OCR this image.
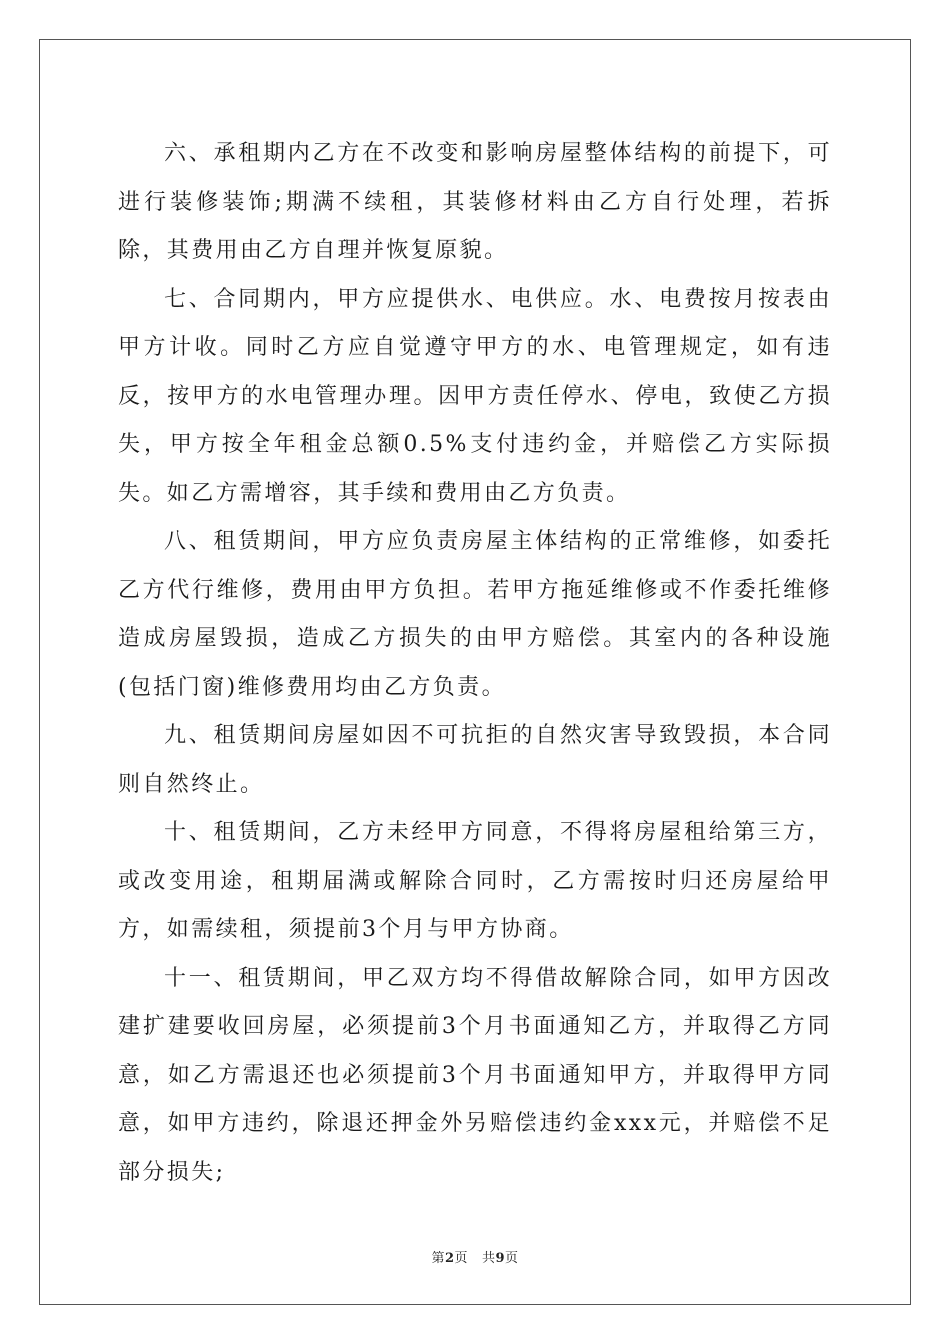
六、承租期内乙方在不改变和影响房屋整体结构的前提下，可进行装修装饰;期满不续租，其装修材料由乙方自行处理，若拆除，其费用由乙方自理并恢复原貌。

七、合同期内，甲方应提供水、电供应。水、电费按月按表由甲方计收。同时乙方应自觉遵守甲方的水、电管理规定，如有违反，按甲方的水电管理办理。因甲方责任停水、停电，致使乙方损失，甲方按全年租金总额0.5%支付违约金，并赔偿乙方实际损失。如乙方需增容，其手续和费用由乙方负责。

八、租赁期间，甲方应负责房屋主体结构的正常维修，如委托乙方代行维修，费用由甲方负担。若甲方拖延维修或不作委托维修造成房屋毁损，造成乙方损失的由甲方赔偿。其室内的各种设施(包括门窗)维修费用均由乙方负责。

九、租赁期间房屋如因不可抗拒的自然灾害导致毁损，本合同则自然终止。

十、租赁期间，乙方未经甲方同意，不得将房屋租给第三方，或改变用途，租期届满或解除合同时，乙方需按时归还房屋给甲方，如需续租，须提前3个月与甲方协商。

十一、租赁期间，甲乙双方均不得借故解除合同，如甲方因改建扩建要收回房屋，必须提前3个月书面通知乙方，并取得乙方同意，如乙方需退还也必须提前3个月书面通知甲方，并取得甲方同意，如甲方违约，除退还押金外另赔偿违约金xxx元，并赔偿不足部分损失;

第2页 共9页
